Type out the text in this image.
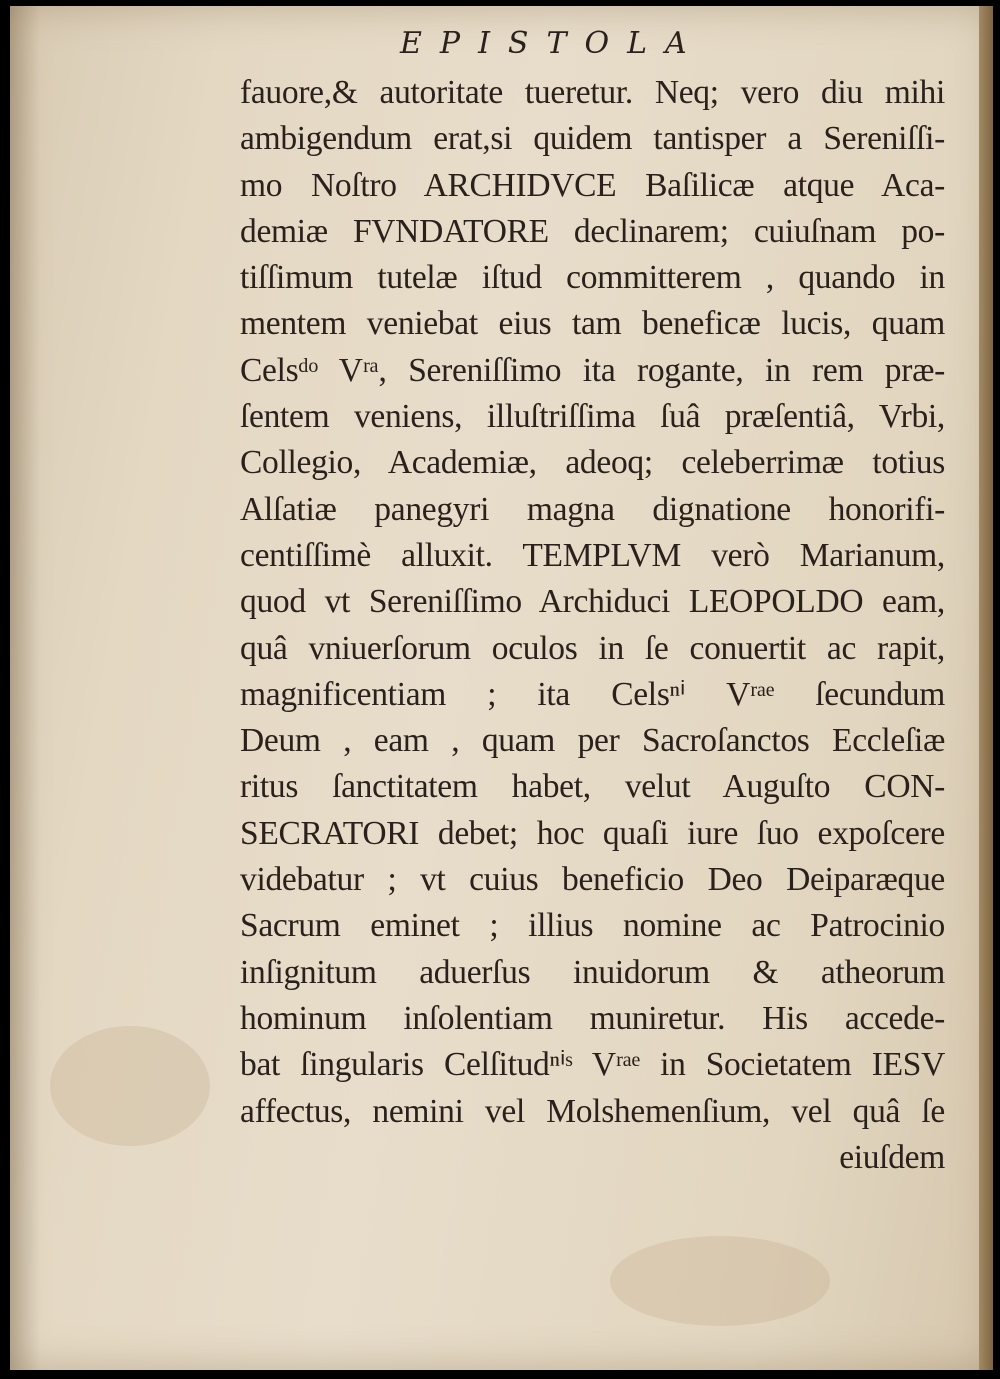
EPISTOLA
fauore,& autoritate tueretur. Neq; vero diu mihi
ambigendum erat,si quidem tantisper a Sereniſſi-
mo Noſtro ARCHIDVCE Baſilicæ atque Aca-
demiæ FVNDATORE declinarem; cuiuſnam po-
tiſſimum tutelæ iſtud committerem , quando in
mentem veniebat eius tam beneficæ lucis, quam
Celsᵈᵒ Vʳᵃ, Sereniſſimo ita rogante, in rem præ-
ſentem veniens, illuſtriſſima ſuâ præſentiâ, Vrbi,
Collegio, Academiæ, adeoq; celeberrimæ totius
Alſatiæ panegyri magna dignatione honorifi-
centiſſimè alluxit. TEMPLVM verò Marianum,
quod vt Sereniſſimo Archiduci LEOPOLDO eam,
quâ vniuerſorum oculos in ſe conuertit ac rapit,
magnificentiam ; ita Celsⁿⁱ Vʳᵃᵉ ſecundum
Deum , eam , quam per Sacroſanctos Eccleſiæ
ritus ſanctitatem habet, velut Auguſto CON-
SECRATORI debet; hoc quaſi iure ſuo expoſcere
videbatur ; vt cuius beneficio Deo Deiparæque
Sacrum eminet ; illius nomine ac Patrocinio
inſignitum aduerſus inuidorum & atheorum
hominum inſolentiam muniretur. His accede-
bat ſingularis Celſitudⁿⁱˢ Vʳᵃᵉ in Societatem IESV
affectus, nemini vel Molshemenſium, vel quâ ſe
eiuſdem
